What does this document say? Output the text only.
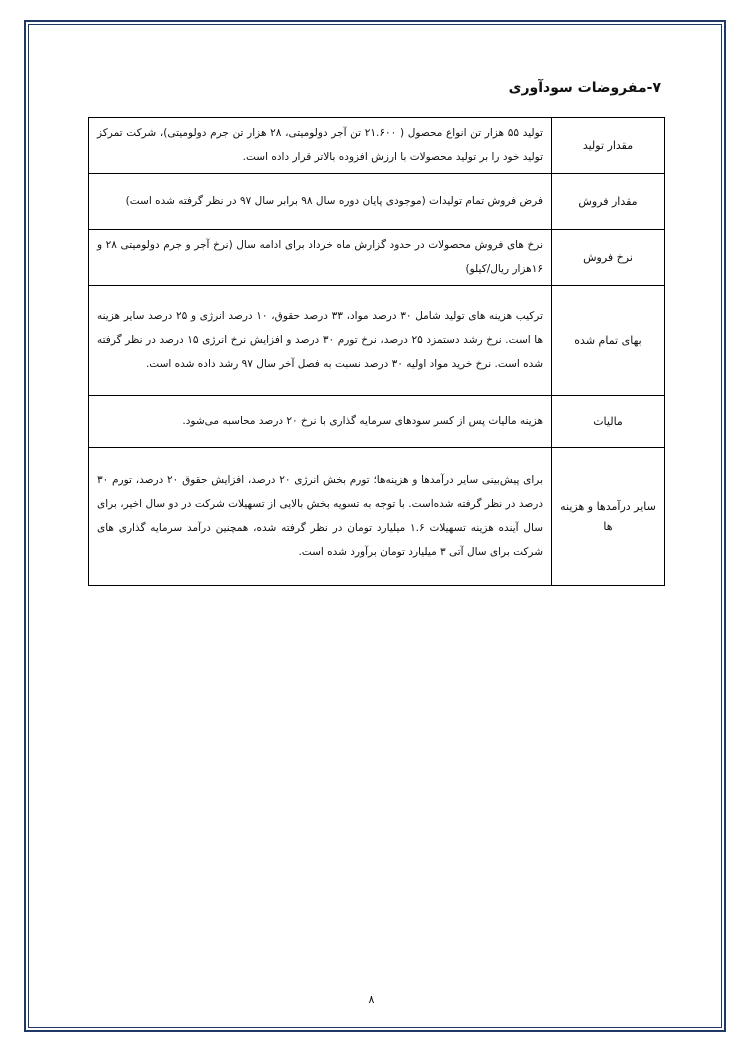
۷-مفروضات سودآوری
مقدار تولید	تولید ۵۵ هزار تن انواع محصول ( ۲۱.۶۰۰ تن آجر دولومیتی، ۲۸ هزار تن جرم دولومیتی)، شرکت تمرکز تولید خود را بر تولید محصولات با ارزش افزوده بالاتر قرار داده است.
مقدار فروش	فرض فروش تمام تولیدات (موجودی پایان دوره سال ۹۸ برابر سال ۹۷ در نظر گرفته شده است)
نرخ فروش	نرخ های فروش محصولات در حدود گزارش ماه خرداد برای ادامه سال (نرخ آجر و جرم دولومیتی ۲۸ و ۱۶هزار ریال/کیلو)
بهای تمام شده	ترکیب هزینه های تولید شامل ۳۰ درصد مواد، ۳۳ درصد حقوق، ۱۰ درصد انرژی و ۲۵ درصد سایر هزینه ها است. نرخ رشد دستمزد ۲۵ درصد، نرخ تورم ۳۰ درصد و افزایش نرخ انرژی ۱۵ درصد در نظر گرفته شده است. نرخ خرید مواد اولیه ۳۰ درصد نسبت به فصل آخر سال ۹۷ رشد داده شده است.
مالیات	هزینه مالیات پس از کسر سودهای سرمایه گذاری با نرخ ۲۰ درصد محاسبه می‌شود.
سایر درآمدها و هزینه ها	برای پیش‌بینی سایر درآمدها و هزینه‌ها؛ تورم بخش انرژی ۲۰ درصد، افزایش حقوق ۲۰ درصد، تورم ۳۰ درصد در نظر گرفته شده‌است. با توجه به تسویه بخش بالایی از تسهیلات شرکت در دو سال اخیر، برای سال آینده هزینه تسهیلات ۱.۶ میلیارد تومان در نظر گرفته شده، همچنین درآمد سرمایه گذاری های شرکت برای سال آتی ۳ میلیارد تومان برآورد شده است.
۸
